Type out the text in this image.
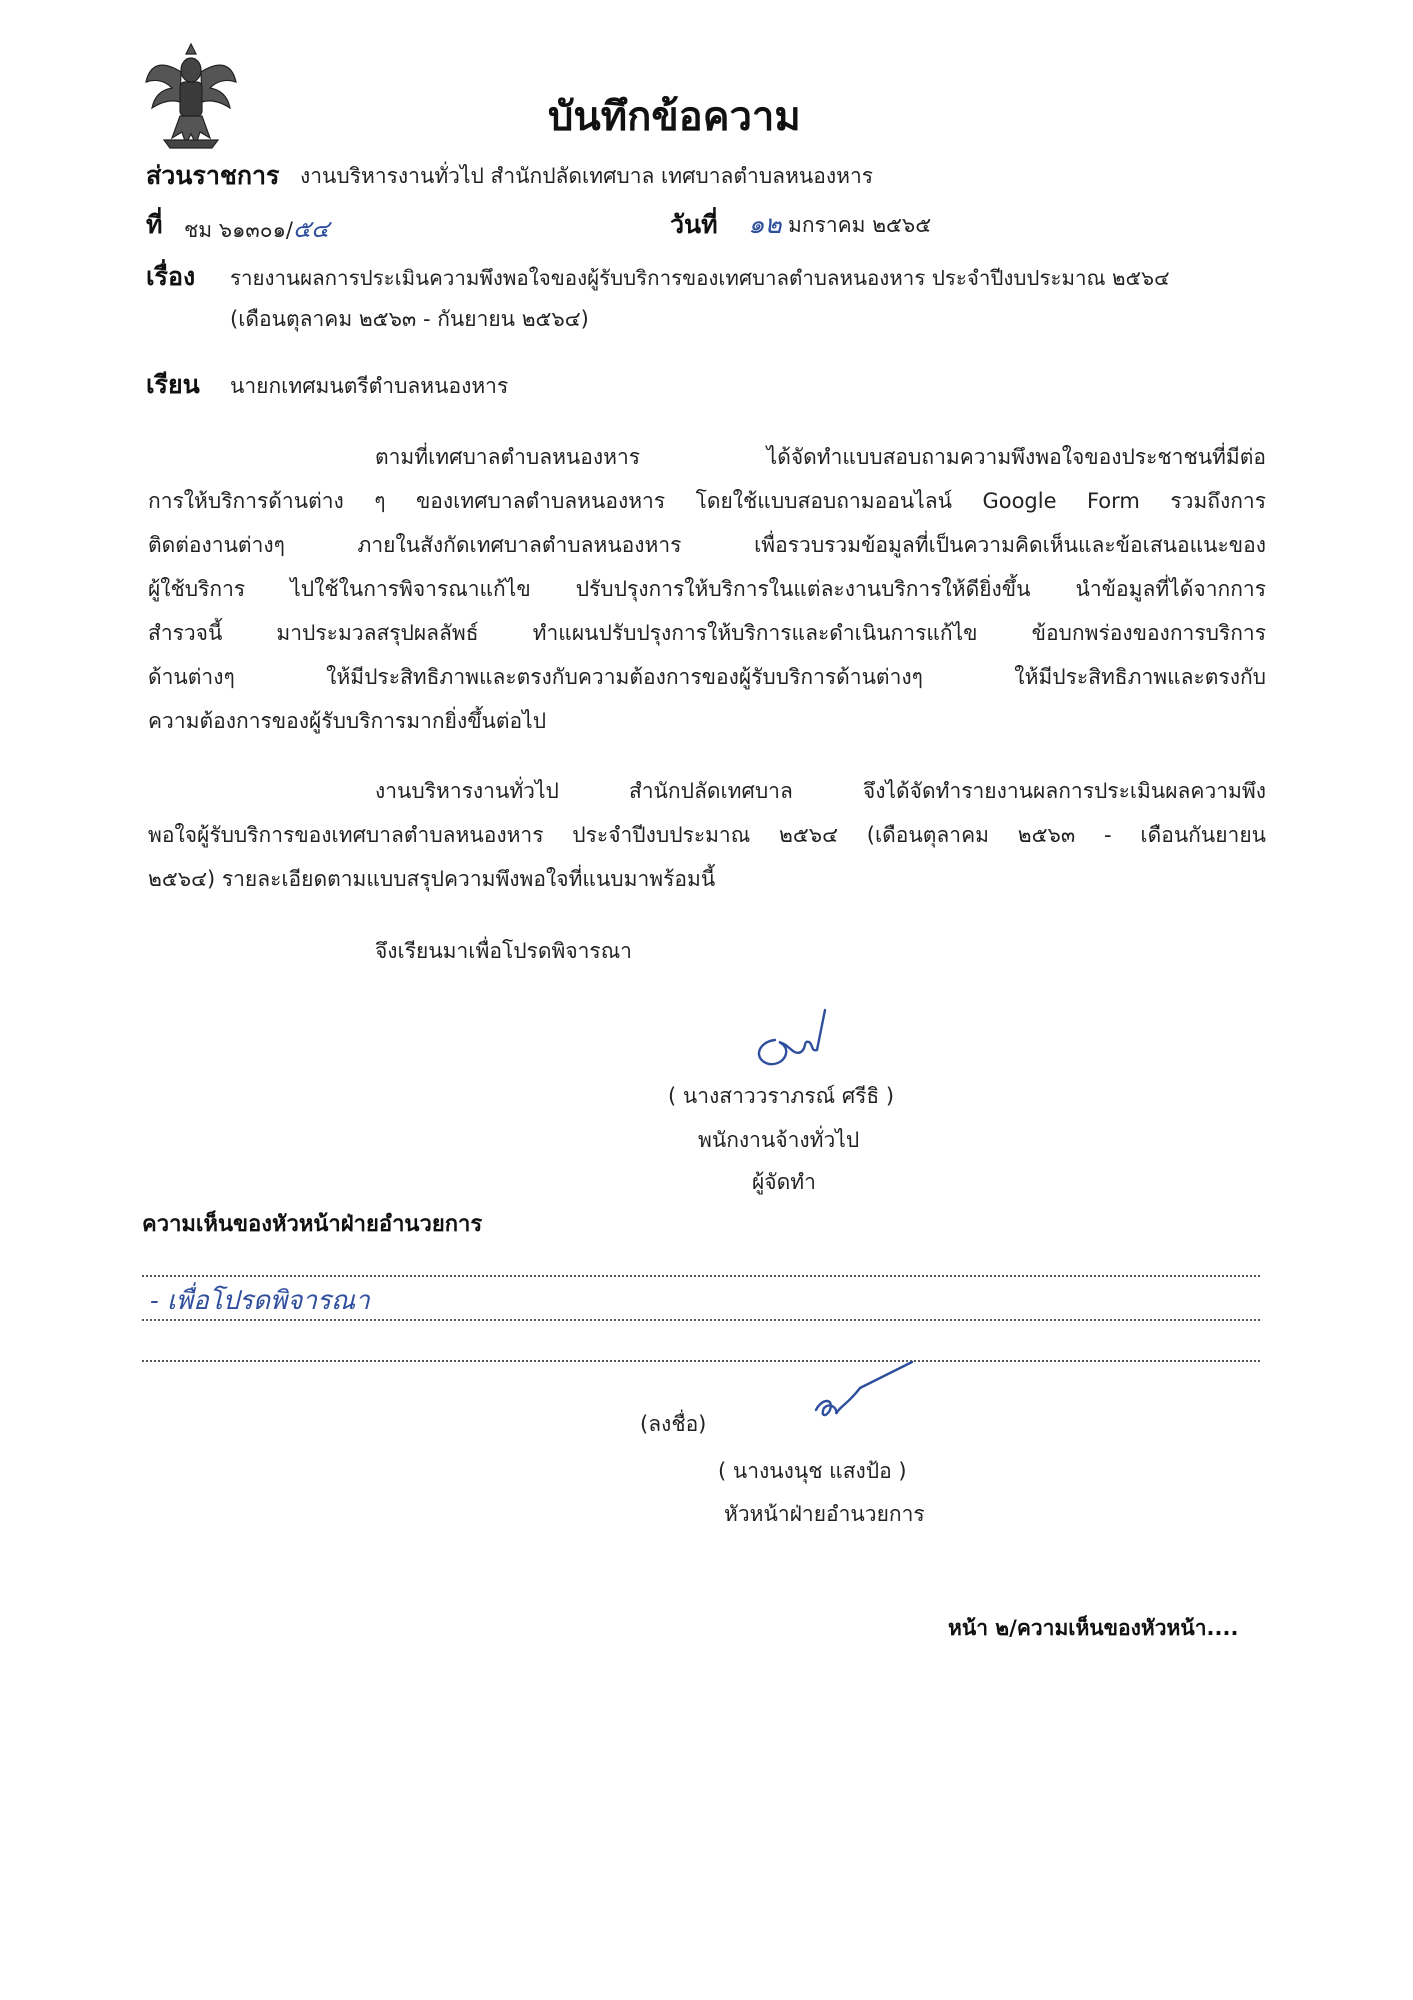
บันทึกข้อความ
ส่วนราชการ งานบริหารงานทั่วไป สำนักปลัดเทศบาล เทศบาลตำบลหนองหาร
ที่ ชม ๖๑๓๐๑/๕๔	วันที่ ๑๒ มกราคม ๒๕๖๕
เรื่อง รายงานผลการประเมินความพึงพอใจของผู้รับบริการของเทศบาลตำบลหนองหาร ประจำปีงบประมาณ ๒๕๖๔
(เดือนตุลาคม ๒๕๖๓ - กันยายน ๒๕๖๔)
เรียน นายกเทศมนตรีตำบลหนองหาร
ตามที่เทศบาลตำบลหนองหาร ได้จัดทำแบบสอบถามความพึงพอใจของประชาชนที่มีต่อ
การให้บริการด้านต่าง ๆ ของเทศบาลตำบลหนองหาร โดยใช้แบบสอบถามออนไลน์ Google Form รวมถึงการ
ติดต่องานต่างๆ ภายในสังกัดเทศบาลตำบลหนองหาร เพื่อรวบรวมข้อมูลที่เป็นความคิดเห็นและข้อเสนอแนะของ
ผู้ใช้บริการ ไปใช้ในการพิจารณาแก้ไข ปรับปรุงการให้บริการในแต่ละงานบริการให้ดียิ่งขึ้น นำข้อมูลที่ได้จากการ
สำรวจนี้ มาประมวลสรุปผลลัพธ์ ทำแผนปรับปรุงการให้บริการและดำเนินการแก้ไข ข้อบกพร่องของการบริการ
ด้านต่างๆ ให้มีประสิทธิภาพและตรงกับความต้องการของผู้รับบริการด้านต่างๆ ให้มีประสิทธิภาพและตรงกับ
ความต้องการของผู้รับบริการมากยิ่งขึ้นต่อไป
งานบริหารงานทั่วไป สำนักปลัดเทศบาล จึงได้จัดทำรายงานผลการประเมินผลความพึง
พอใจผู้รับบริการของเทศบาลตำบลหนองหาร ประจำปีงบประมาณ ๒๕๖๔ (เดือนตุลาคม ๒๕๖๓ - เดือนกันยายน
๒๕๖๔) รายละเอียดตามแบบสรุปความพึงพอใจที่แนบมาพร้อมนี้
จึงเรียนมาเพื่อโปรดพิจารณา
( นางสาววราภรณ์ ศรีธิ )
พนักงานจ้างทั่วไป
ผู้จัดทำ
ความเห็นของหัวหน้าฝ่ายอำนวยการ
- เพื่อโปรดพิจารณา
(ลงชื่อ)
( นางนงนุช แสงป้อ )
หัวหน้าฝ่ายอำนวยการ
หน้า ๒/ความเห็นของหัวหน้า....
